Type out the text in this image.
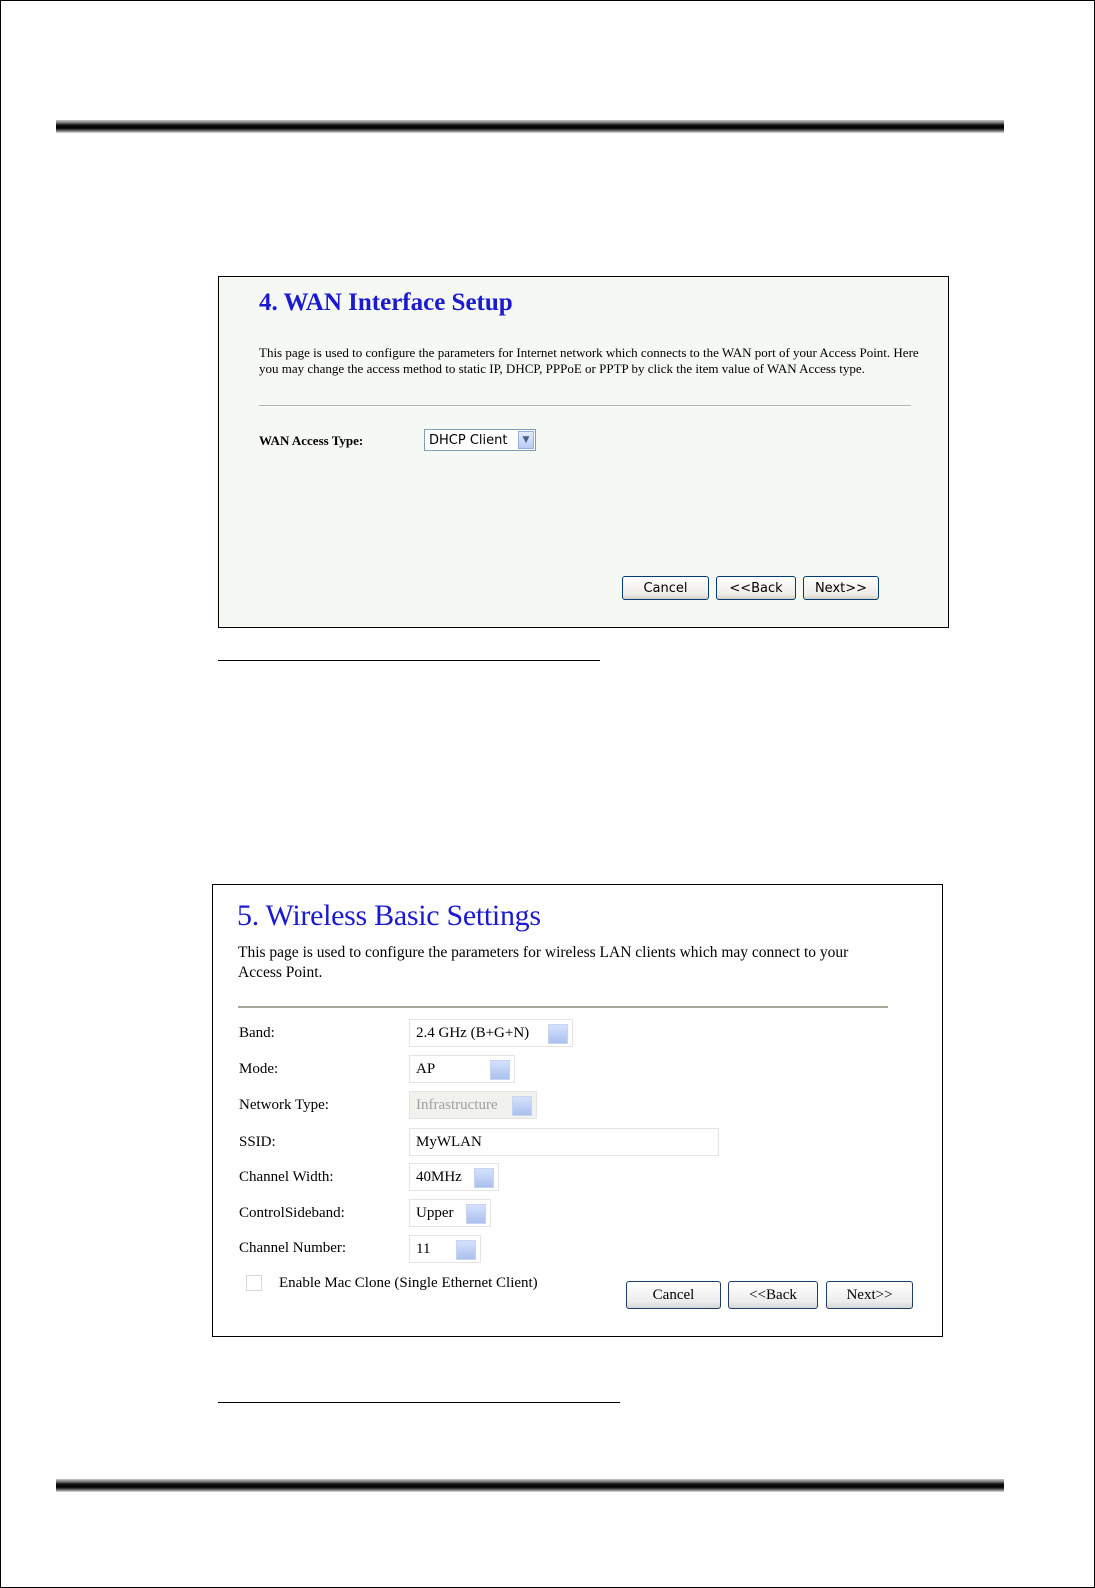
4. WAN Interface Setup
This page is used to configure the parameters for Internet network which connects to the WAN port of your Access Point. Here you may change the access method to static IP, DHCP, PPPoE or PPTP by click the item value of WAN Access type.
WAN Access Type:	DHCP Client	▼
Cancel	<<Back	Next>>
5. Wireless Basic Settings
This page is used to configure the parameters for wireless LAN clients which may connect to your Access Point.
Band:	2.4 GHz (B+G+N)
Mode:	AP
Network Type:	Infrastructure
SSID:	MyWLAN
Channel Width:	40MHz
ControlSideband:	Upper
Channel Number:	11
Enable Mac Clone (Single Ethernet Client)
Cancel	<<Back	Next>>
